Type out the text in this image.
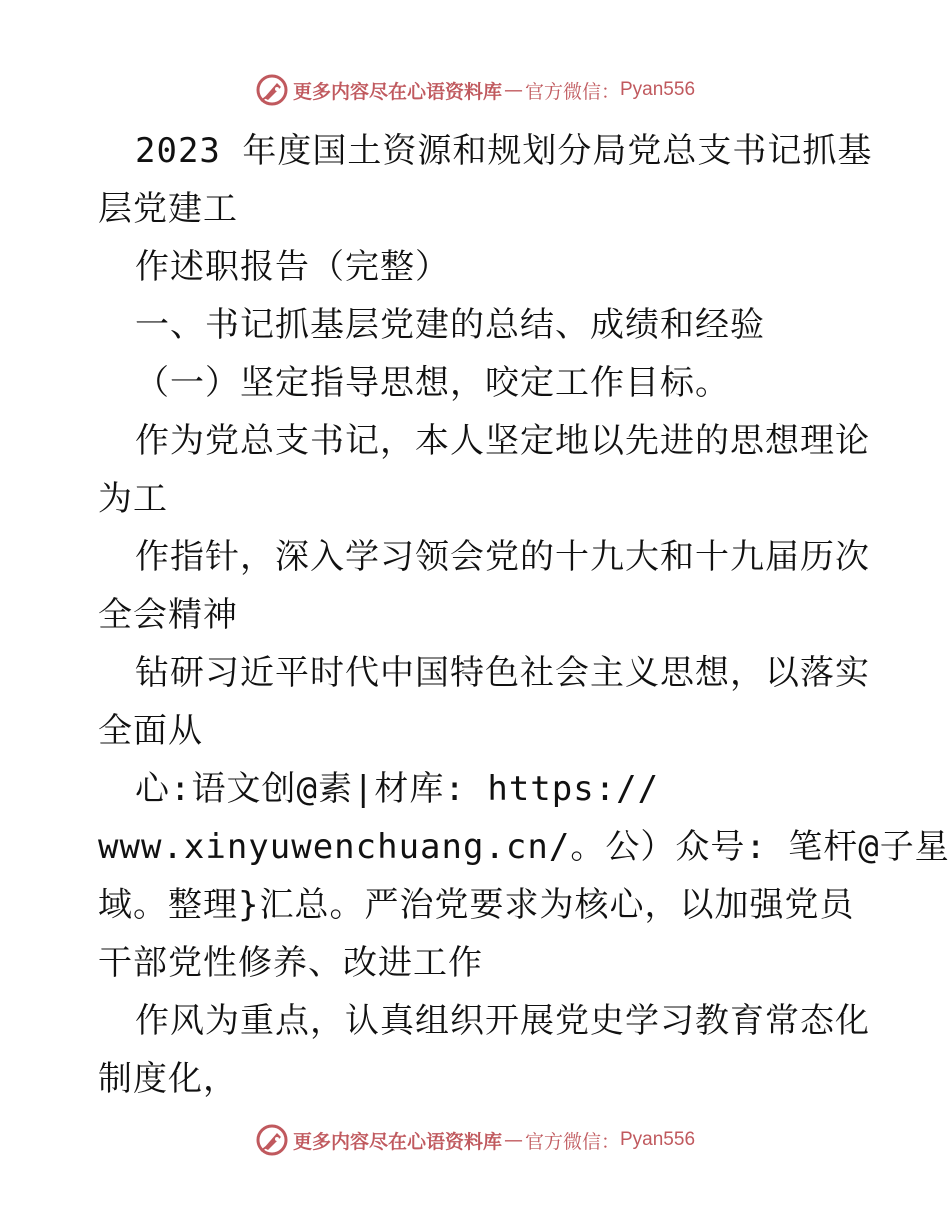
更多内容尽在心语资料库 — 官方微信： Pyan556
2023 年度国土资源和规划分局党总支书记抓基
层党建工
作述职报告（完整）
一、书记抓基层党建的总结、成绩和经验
（一）坚定指导思想，咬定工作目标。
作为党总支书记，本人坚定地以先进的思想理论
为工
作指针，深入学习领会党的十九大和十九届历次
全会精神
钻研习近平时代中国特色社会主义思想，以落实
全面从
心:语文创@素|材库: https://
www.xinyuwenchuang.cn/。公）众号: 笔杆@子星
域。整理}汇总。严治党要求为核心，以加强党员
干部党性修养、改进工作
作风为重点，认真组织开展党史学习教育常态化
制度化，
更多内容尽在心语资料库 — 官方微信： Pyan556
